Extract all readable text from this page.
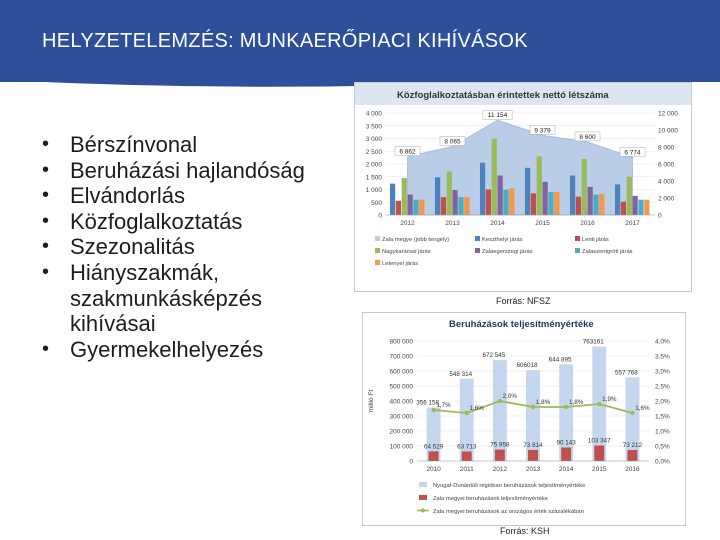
HELYZETELEMZÉS: MUNKAERŐPIACI KIHÍVÁSOK
• Bérszínvonal
• Beruházási hajlandóság
• Elvándorlás
• Közfoglalkoztatás
• Szezonalitás
• Hiányszakmák, szakmunkásképzés kihívásai
• Gyermekelhelyezés
Közfoglalkoztatásban érintettek nettó létszáma
0
500
1 000
1 500
2 000
2 500
3 000
3 500
4 000
0
2 000
4 000
6 000
8 000
10 000
12 000
6 862
8 065
11 154
9 379
8 600
6 774
2012	2013	2014	2015	2016	2017
Zala megye (jobb tengely)	Keszthelyi járás	Lenti járás
Nagykanizsai járás	Zalaegerszegi járás	Zalaszentgróti járás
Letenyei járás
Forrás: NFSZ
Beruházások teljesítményértéke
0
100 000
200 000
300 000
400 000
500 000
600 000
700 000
800 000
0,0%
0,5%
1,0%
1,5%
2,0%
2,5%
3,0%
3,5%
4,0%
millió Ft	356 158
548 314
672 545
606018
644 895
763161
557 768
64 529 63 713 75 958 73 814 90 143 103 347
73 212
1,7%	1,6%
2,0%
1,8%	1,8%	1,9%
1,6%
2010	2011	2012	2013	2014	2015	2016
Nyugat-Dunántúli régióban beruházások teljesítményértéke
Zala megyei beruházások teljesítményértéke
Zala megyei beruházások az országos érték százalékában
Forrás: KSH
